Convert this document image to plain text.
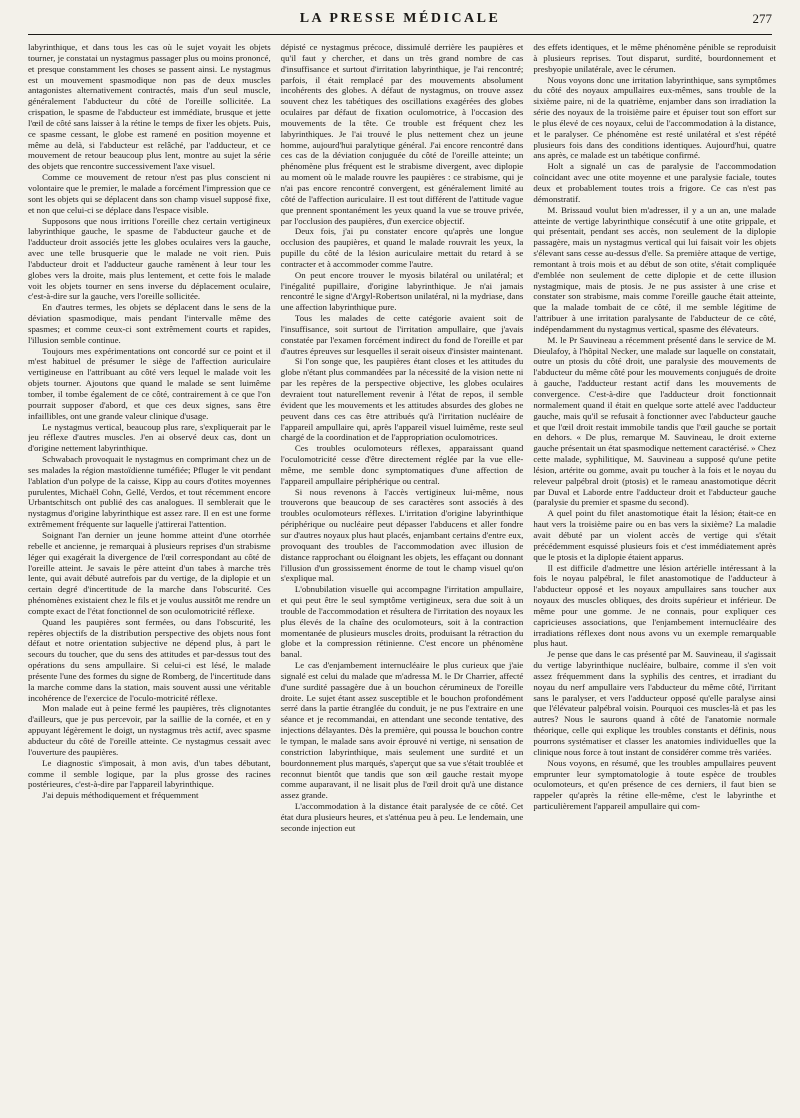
LA PRESSE MÉDICALE	277

labyrinthique, et dans tous les cas où le sujet voyait les objets tourner, je constatai un nystagmus passager plus ou moins prononcé, et presque constamment les choses se passent ainsi. Le nystagmus est un mouvement spasmodique non pas de deux muscles antagonistes alternativement contractés, mais d'un seul muscle, généralement l'abducteur du côté de l'oreille sollicitée. La crispation, le spasme de l'abducteur est immédiate, brusque et jette l'œil de côté sans laisser à la rétine le temps de fixer les objets. Puis, ce spasme cessant, le globe est ramené en position moyenne et même au delà, si l'abducteur est relâché, par l'adducteur, et ce mouvement de retour beaucoup plus lent, montre au sujet la série des objets que rencontre successivement l'axe visuel.

Comme ce mouvement de retour n'est pas plus conscient ni volontaire que le premier, le malade a forcément l'impression que ce sont les objets qui se déplacent dans son champ visuel supposé fixe, et non que celui-ci se déplace dans l'espace visible.

Supposons que nous irritions l'oreille chez certain vertigineux labyrinthique gauche, le spasme de l'abducteur gauche et de l'adducteur droit associés jette les globes oculaires vers la gauche, avec une telle brusquerie que le malade ne voit rien. Puis l'abducteur droit et l'adducteur gauche ramènent à leur tour les globes vers la droite, mais plus lentement, et cette fois le malade voit les objets tourner en sens inverse du déplacement oculaire, c'est-à-dire sur la gauche, vers l'oreille sollicitée.

En d'autres termes, les objets se déplacent dans le sens de la déviation spasmodique, mais pendant l'intervalle même des spasmes; et comme ceux-ci sont extrêmement courts et rapides, l'illusion semble continue.

Toujours mes expérimentations ont concordé sur ce point et il m'est habituel de présumer le siège de l'affection auriculaire vertigineuse en l'attribuant au côté vers lequel le malade voit les objets tourner. Ajoutons que quand le malade se sent luimême tomber, il tombe également de ce côté, contrairement à ce que l'on pourrait supposer d'abord, et que ces deux signes, sans être infaillibles, ont une grande valeur clinique d'usage.

Le nystagmus vertical, beaucoup plus rare, s'expliquerait par le jeu réflexe d'autres muscles. J'en ai observé deux cas, dont un d'origine nettement labyrinthique.

Schwabach provoquait le nystagmus en comprimant chez un de ses malades la région mastoïdienne tuméfiée; Pfluger le vit pendant l'ablation d'un polype de la caisse, Kipp au cours d'otites moyennes purulentes, Michaël Cohn, Gellé, Verdos, et tout récemment encore Urbantschitsch ont publié des cas analogues. Il semblerait que le nystagmus d'origine labyrinthique est assez rare. Il en est une forme extrêmement fréquente sur laquelle j'attirerai l'attention.

Soignant l'an dernier un jeune homme atteint d'une otorrhée rebelle et ancienne, je remarquai à plusieurs reprises d'un strabisme léger qui exagérait la divergence de l'œil correspondant au côté de l'oreille atteint. Je savais le père atteint d'un tabes à marche très lente, qui avait débuté autrefois par du vertige, de la diplopie et un certain degré d'incertitude de la marche dans l'obscurité. Ces phénomènes existaient chez le fils et je voulus aussitôt me rendre un compte exact de l'état fonctionnel de son oculomotricité réflexe.

Quand les paupières sont fermées, ou dans l'obscurité, les repères objectifs de la distribution perspective des objets nous font défaut et notre orientation subjective ne dépend plus, à part le secours du toucher, que du sens des attitudes et par-dessus tout des opérations du sens ampullaire. Si celui-ci est lésé, le malade présente l'une des formes du signe de Romberg, de l'incertitude dans la marche comme dans la station, mais souvent aussi une véritable incohérence de l'exercice de l'oculo-motricité réflexe.

Mon malade eut à peine fermé les paupières, très clignotantes d'ailleurs, que je pus percevoir, par la saillie de la cornée, et en y appuyant légèrement le doigt, un nystagmus très actif, avec spasme abducteur du côté de l'oreille atteinte. Ce nystagmus cessait avec l'ouverture des paupières.

Le diagnostic s'imposait, à mon avis, d'un tabes débutant, comme il semble logique, par la plus grosse des racines postérieures, c'est-à-dire par l'appareil labyrinthique.

J'ai depuis méthodiquement et fréquemment

dépisté ce nystagmus précoce, dissimulé derrière les paupières et qu'il faut y chercher, et dans un très grand nombre de cas d'insuffisance et surtout d'irritation labyrinthique, je l'ai rencontré; parfois, il était remplacé par des mouvements absolument incohérents des globes. A défaut de nystagmus, on trouve assez souvent chez les tabétiques des oscillations exagérées des globes oculaires par défaut de fixation oculomotrice, à l'occasion des mouvements de la tête. Ce trouble est fréquent chez les labyrinthiques. Je l'ai trouvé le plus nettement chez un jeune homme, aujourd'hui paralytique général. J'ai encore rencontré dans ces cas de la déviation conjuguée du côté de l'oreille atteinte; un phénomène plus fréquent est le strabisme divergent, avec diplopie au moment où le malade rouvre les paupières : ce strabisme, qui je n'ai pas encore rencontré convergent, est généralement limité au côté de l'affection auriculaire. Il est tout différent de l'attitude vague que prennent spontanément les yeux quand la vue se trouve privée, par l'occlusion des paupières, d'un exercice objectif.

Deux fois, j'ai pu constater encore qu'après une longue occlusion des paupières, et quand le malade rouvrait les yeux, la pupille du côté de la lésion auriculaire mettait du retard à se contracter et à accommoder comme l'autre.

On peut encore trouver le myosis bilatéral ou unilatéral; et l'inégalité pupillaire, d'origine labyrinthique. Je n'ai jamais rencontré le signe d'Argyl-Robertson unilatéral, ni la mydriase, dans une affection labyrinthique pure.

Tous les malades de cette catégorie avaient soit de l'insuffisance, soit surtout de l'irritation ampullaire, que j'avais constatée par l'examen forcément indirect du fond de l'oreille et par d'autres épreuves sur lesquelles il serait oiseux d'insister maintenant.

Si l'on songe que, les paupières étant closes et les attitudes du globe n'étant plus commandées par la nécessité de la vision nette ni par les repères de la perspective objective, les globes oculaires devraient tout naturellement revenir à l'état de repos, il semble évident que les mouvements et les attitudes absurdes des globes ne peuvent dans ces cas être attribués qu'à l'irritation nucléaire de l'appareil ampullaire qui, après l'appareil visuel luimême, reste seul chargé de la coordination et de l'appropriation oculomotrices.

Ces troubles oculomoteurs réflexes, apparaissant quand l'oculomotricité cesse d'être directement réglée par la vue elle-même, me semble donc symptomatiques d'une affection de l'appareil ampullaire périphérique ou central.

Si nous revenons à l'accès vertigineux lui-même, nous trouverons que beaucoup de ses caractères sont associés à des troubles oculomoteurs réflexes. L'irritation d'origine labyrinthique périphérique ou nucléaire peut dépasser l'abducens et aller fondre sur d'autres noyaux plus haut placés, enjambant certains d'entre eux, provoquant des troubles de l'accommodation avec illusion de distance rapprochant ou éloignant les objets, les effaçant ou donnant l'illusion d'un grossissement énorme de tout le champ visuel qu'on s'explique mal.

L'obnubilation visuelle qui accompagne l'irritation ampullaire, et qui peut être le seul symptôme vertigineux, sera due soit à un trouble de l'accommodation et résultera de l'irritation des noyaux les plus élevés de la chaîne des oculomoteurs, soit à la contraction momentanée de plusieurs muscles droits, produisant la rétraction du globe et la compression rétinienne. C'est encore un phénomène banal.

Le cas d'enjambement internucléaire le plus curieux que j'aie signalé est celui du malade que m'adressa M. le Dr Charrier, affecté d'une surdité passagère due à un bouchon cérumineux de l'oreille droite. Le sujet étant assez susceptible et le bouchon profondément serré dans la partie étranglée du conduit, je ne pus l'extraire en une séance et je recommandai, en attendant une seconde tentative, des injections délayantes. Dès la première, qui poussa le bouchon contre le tympan, le malade sans avoir éprouvé ni vertige, ni sensation de constriction labyrinthique, mais seulement une surdité et un bourdonnement plus marqués, s'aperçut que sa vue s'était troublée et reconnut bientôt que tandis que son œil gauche restait myope comme auparavant, il ne lisait plus de l'œil droit qu'à une distance assez grande.

L'accommodation à la distance était paralysée de ce côté. Cet état dura plusieurs heures, et s'atténua peu à peu. Le lendemain, une seconde injection eut

des effets identiques, et le même phénomène pénible se reproduisit à plusieurs reprises. Tout disparut, surdité, bourdonnement et presbyopie unilatérale, avec le cérumen.

Nous voyons donc une irritation labyrinthique, sans symptômes du côté des noyaux ampullaires eux-mêmes, sans trouble de la sixième paire, ni de la quatrième, enjamber dans son irradiation la série des noyaux de la troisième paire et épuiser tout son effort sur le plus élevé de ces noyaux, celui de l'accommodation à la distance, et le paralyser. Ce phénomène est resté unilatéral et s'est répété plusieurs fois dans des conditions identiques. Aujourd'hui, quatre ans après, ce malade est un tabétique confirmé.

Holt a signalé un cas de paralysie de l'accommodation coïncidant avec une otite moyenne et une paralysie faciale, toutes deux et probablement toutes trois a frigore. Ce cas n'est pas démonstratif.

M. Brissaud voulut bien m'adresser, il y a un an, une malade atteinte de vertige labyrinthique consécutif à une otite grippale, et qui présentait, pendant ses accès, non seulement de la diplopie passagère, mais un nystagmus vertical qui lui faisait voir les objets s'élevant sans cesse au-dessus d'elle. Sa première attaque de vertige, remontant à trois mois et au début de son otite, s'était compliquée d'emblée non seulement de cette diplopie et de cette illusion nystagmique, mais de ptosis. Je ne pus assister à une crise et constater son strabisme, mais comme l'oreille gauche était atteinte, que la malade tombait de ce côté, il me semble légitime de l'attribuer à une irritation paralysante de l'abducteur de ce côté, indépendamment du nystagmus vertical, spasme des élévateurs.

M. le Pr Sauvineau a récemment présenté dans le service de M. Dieulafoy, à l'hôpital Necker, une malade sur laquelle on constatait, outre un ptosis du côté droit, une paralysie des mouvements de l'abducteur du même côté pour les mouvements conjugués de droite à gauche, l'adducteur restant actif dans les mouvements de convergence. C'est-à-dire que l'adducteur droit fonctionnait normalement quand il était en quelque sorte attelé avec l'adducteur gauche, mais qu'il se refusait à fonctionner avec l'abducteur gauche et que l'œil droit restait immobile tandis que l'œil gauche se portait en dehors. « De plus, remarque M. Sauvineau, le droit externe gauche présentait un état spasmodique nettement caractérisé. » Chez cette malade, syphilitique, M. Sauvineau a supposé qu'une petite lésion, artérite ou gomme, avait pu toucher à la fois et le noyau du releveur palpébral droit (ptosis) et le rameau anastomotique décrit par Duval et Laborde entre l'adducteur droit et l'abducteur gauche (paralysie du premier et spasme du second).

A quel point du filet anastomotique était la lésion; était-ce en haut vers la troisième paire ou en bas vers la sixième? La maladie avait débuté par un violent accès de vertige qui s'était précédemment esquissé plusieurs fois et c'est immédiatement après que le ptosis et la diplopie étaient apparus.

Il est difficile d'admettre une lésion artérielle intéressant à la fois le noyau palpébral, le filet anastomotique de l'adducteur à l'abducteur opposé et les noyaux ampullaires sans toucher aux noyaux des muscles obliques, des droits supérieur et inférieur. De même pour une gomme. Je ne connais, pour expliquer ces capricieuses associations, que l'enjambement internucléaire des irradiations réflexes dont nous avons vu un exemple remarquable plus haut.

Je pense que dans le cas présenté par M. Sauvineau, il s'agissait du vertige labyrinthique nucléaire, bulbaire, comme il s'en voit assez fréquemment dans la syphilis des centres, et irradiant du noyau du nerf ampullaire vers l'abducteur du même côté, l'irritant sans le paralyser, et vers l'adducteur opposé qu'elle paralyse ainsi que l'élévateur palpébral voisin. Pourquoi ces muscles-là et pas les autres? Nous le saurons quand à côté de l'anatomie normale théorique, celle qui explique les troubles constants et définis, nous pourrons systématiser et classer les anatomies individuelles que la clinique nous force à tout instant de considérer comme très variées.

Nous voyons, en résumé, que les troubles ampullaires peuvent emprunter leur symptomatologie à toute espèce de troubles oculomoteurs, et qu'en présence de ces derniers, il faut bien se rappeler qu'après la rétine elle-même, c'est le labyrinthe et particulièrement l'appareil ampullaire qui com-
